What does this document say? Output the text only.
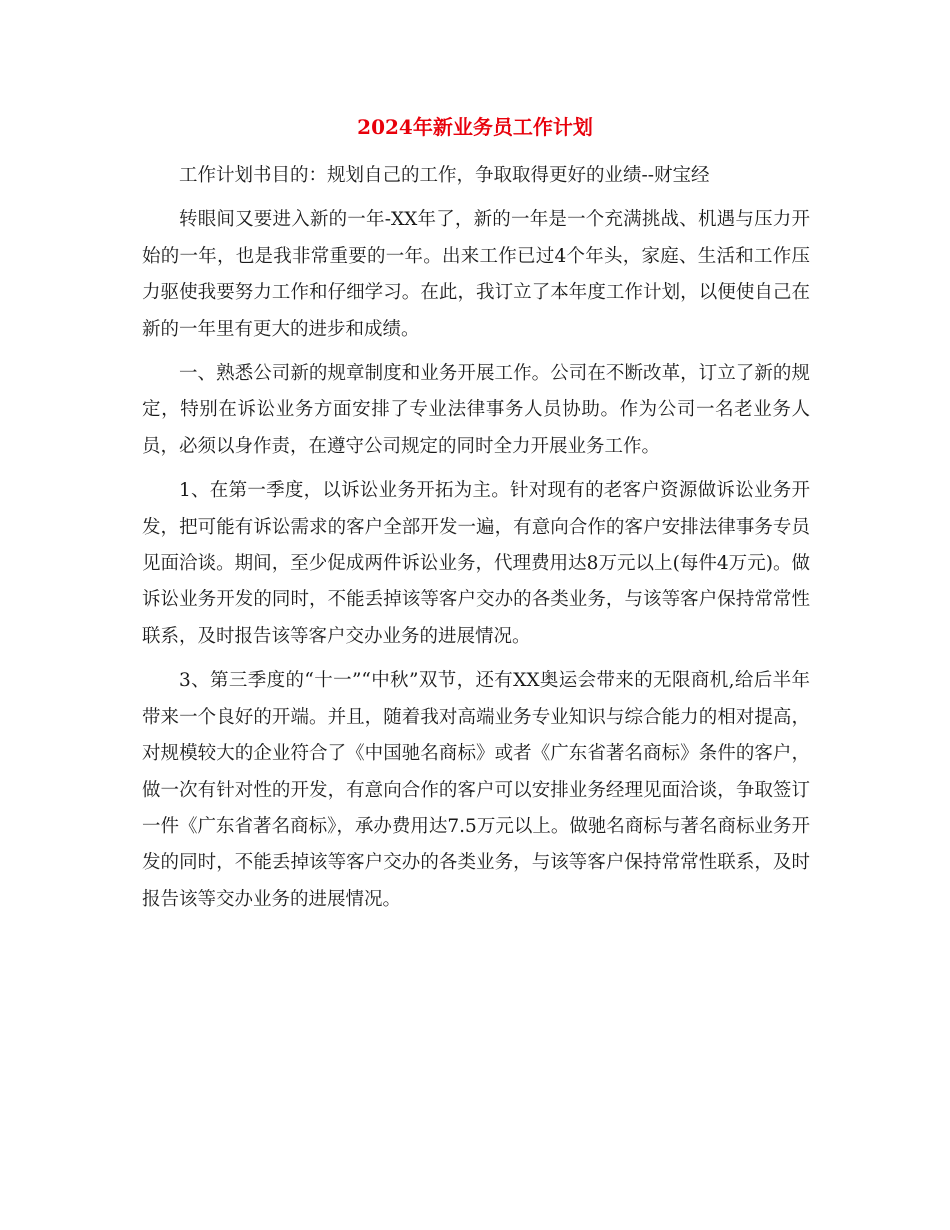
2024年新业务员工作计划

工作计划书目的：规划自己的工作，争取取得更好的业绩--财宝经

转眼间又要进入新的一年-XX年了，新的一年是一个充满挑战、机遇与压力开始的一年，也是我非常重要的一年。出来工作已过4个年头，家庭、生活和工作压力驱使我要努力工作和仔细学习。在此，我订立了本年度工作计划，以便使自己在新的一年里有更大的进步和成绩。

一、熟悉公司新的规章制度和业务开展工作。公司在不断改革，订立了新的规定，特别在诉讼业务方面安排了专业法律事务人员协助。作为公司一名老业务人员，必须以身作责，在遵守公司规定的同时全力开展业务工作。

1、在第一季度，以诉讼业务开拓为主。针对现有的老客户资源做诉讼业务开发，把可能有诉讼需求的客户全部开发一遍，有意向合作的客户安排法律事务专员见面洽谈。期间，至少促成两件诉讼业务，代理费用达8万元以上(每件4万元)。做诉讼业务开发的同时，不能丢掉该等客户交办的各类业务，与该等客户保持常常性联系，及时报告该等客户交办业务的进展情况。

3、第三季度的“十一”“中秋”双节，还有XX奥运会带来的无限商机,给后半年带来一个良好的开端。并且，随着我对高端业务专业知识与综合能力的相对提高，对规模较大的企业符合了《中国驰名商标》或者《广东省著名商标》条件的客户，做一次有针对性的开发，有意向合作的客户可以安排业务经理见面洽谈，争取签订一件《广东省著名商标》，承办费用达7.5万元以上。做驰名商标与著名商标业务开发的同时，不能丢掉该等客户交办的各类业务，与该等客户保持常常性联系，及时报告该等交办业务的进展情况。
